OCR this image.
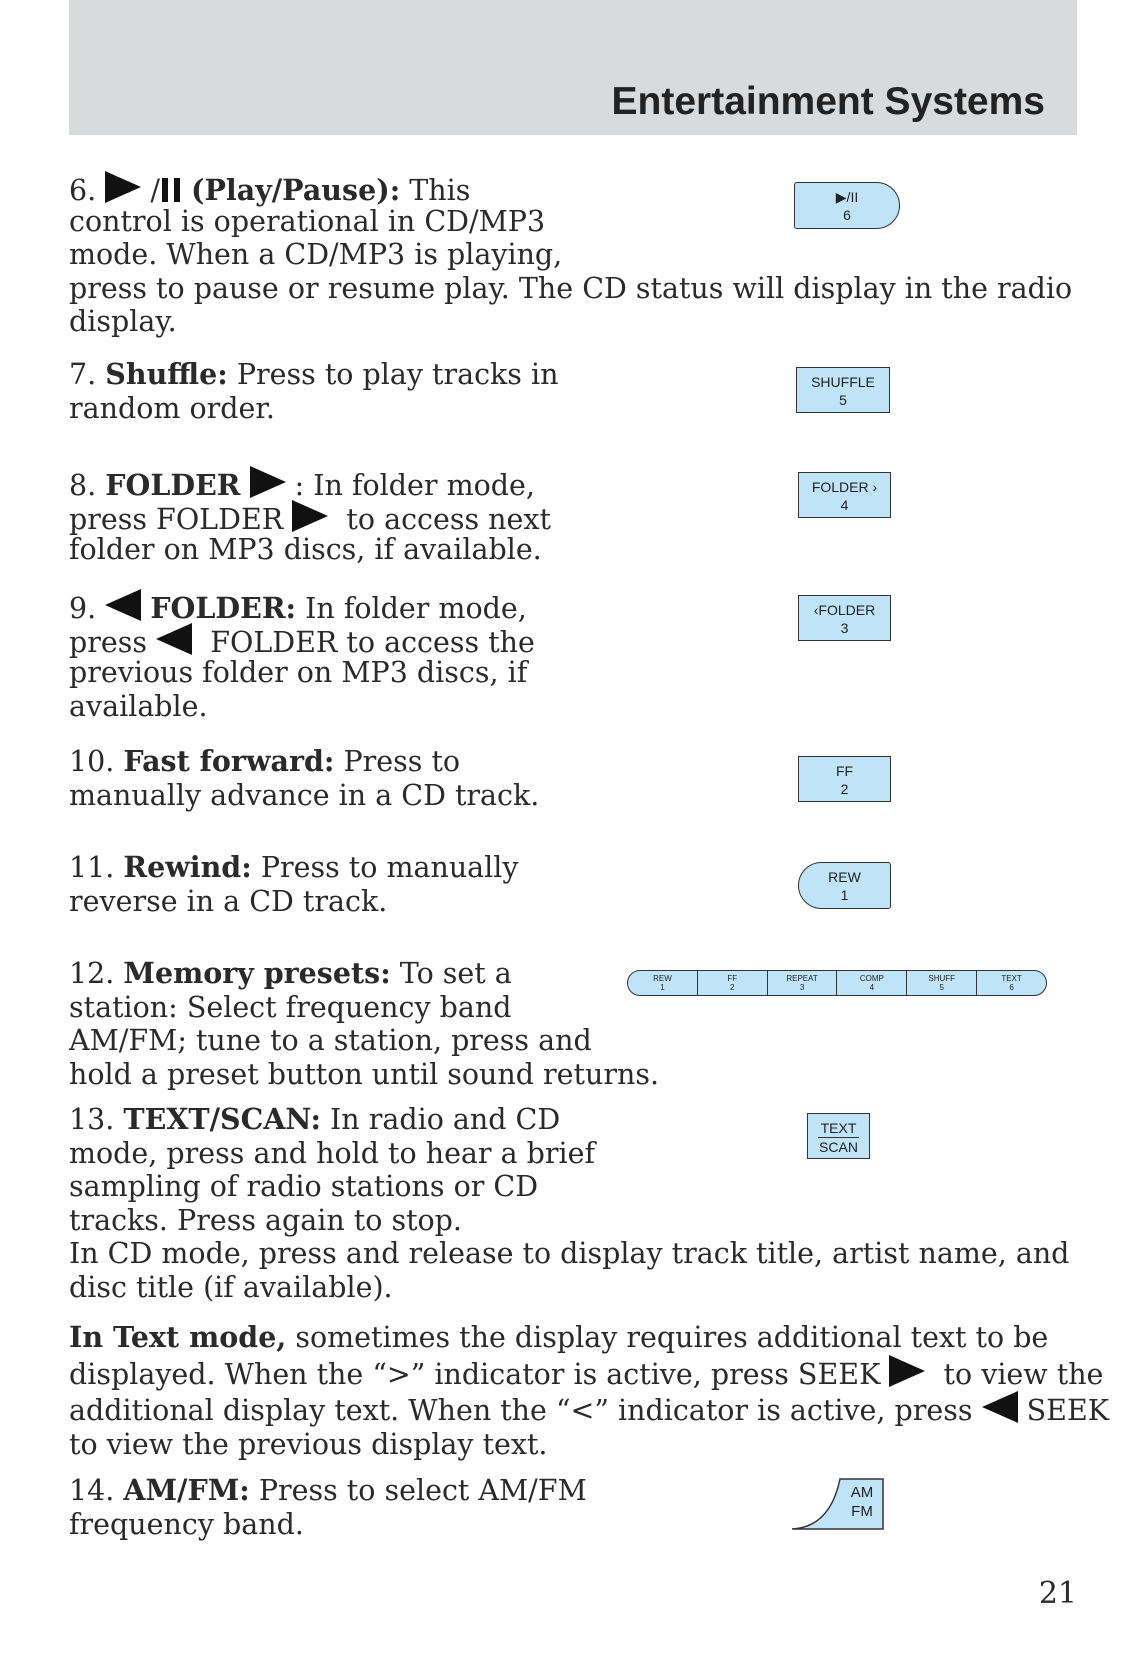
Entertainment Systems
6. / (Play/Pause): This
control is operational in CD/MP3
mode. When a CD/MP3 is playing,
press to pause or resume play. The CD status will display in the radio
display.
7. Shuffle: Press to play tracks in
random order.
8. FOLDER : In folder mode,
press FOLDER to access next
folder on MP3 discs, if available.
9. FOLDER: In folder mode,
press FOLDER to access the
previous folder on MP3 discs, if
available.
10. Fast forward: Press to
manually advance in a CD track.
11. Rewind: Press to manually
reverse in a CD track.
12. Memory presets: To set a
station: Select frequency band
AM/FM; tune to a station, press and
hold a preset button until sound returns.
13. TEXT/SCAN: In radio and CD
mode, press and hold to hear a brief
sampling of radio stations or CD
tracks. Press again to stop.
In CD mode, press and release to display track title, artist name, and
disc title (if available).
In Text mode, sometimes the display requires additional text to be
displayed. When the “>” indicator is active, press SEEK to view the
additional display text. When the “<” indicator is active, press SEEK
to view the previous display text.
14. AM/FM: Press to select AM/FM
frequency band.
▶/II
6
SHUFFLE
5
FOLDER ›
4
‹FOLDER
3
FF
2
REW
1
REW
1
FF
2
REPEAT
3
COMP
4
SHUFF
5
TEXT
6
TEXT
SCAN
AM
FM
21
